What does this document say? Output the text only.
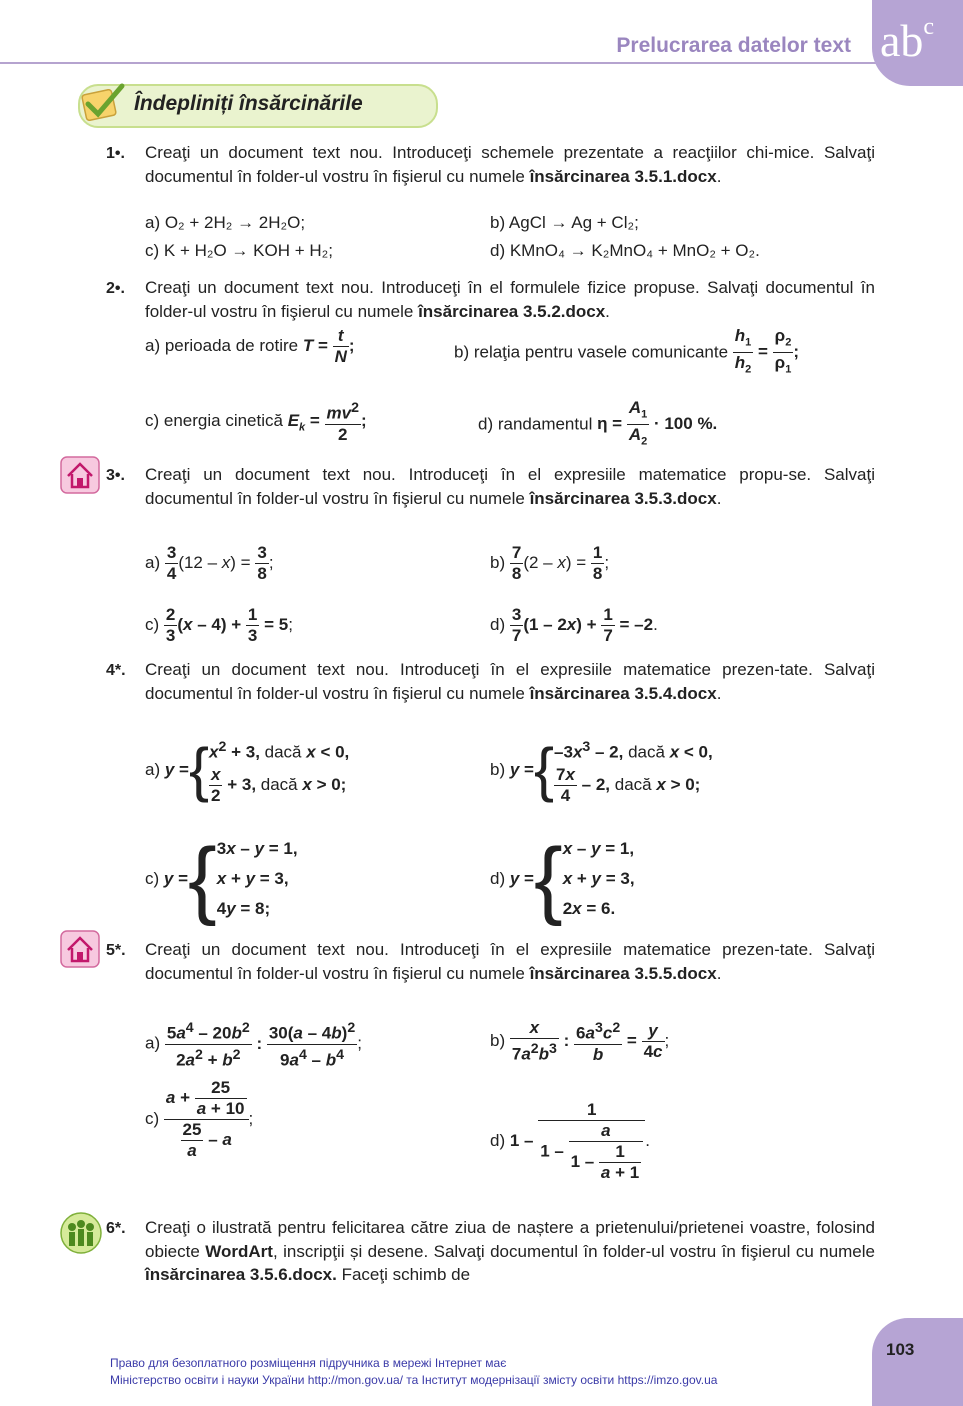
Prelucrarea datelor text $ab^c$
Îndepliniți însărcinările
1•. Creaţi un document text nou. Introduceţi schemele prezentate a reacţiilor chi-mice. Salvaţi documentul în folder-ul vostru în fişierul cu numele însărcinarea 3.5.1.docx.
a) O₂ + 2H₂ → 2H₂O;	b) AgCl → Ag + Cl₂;
c) K + H₂O → KOH + H₂;	d) KMnO₄ → K₂MnO₄ + MnO₂ + O₂.
2•. Creaţi un document text nou. Introduceţi în el formulele fizice propuse. Salvaţi documentul în folder-ul vostru în fişierul cu numele însărcinarea 3.5.2.docx.
a) perioada de rotire $T = \frac{t}{N}$ ;	b) relaţia pentru vasele comunicante $\frac{h_1}{h_2} = \frac{\rho_2}{\rho_1}$ ;
c) energia cinetică $E_k = \frac{mv^2}{2}$ ;	d) randamentul $\eta = \frac{A_1}{A_2} \cdot 100$ %.
3•. Creaţi un document text nou. Introduceţi în el expresiile matematice propu-se. Salvaţi documentul în folder-ul vostru în fişierul cu numele însărcinarea 3.5.3.docx.
$a) \frac{3}{4} (12 - x) = \frac{3}{8}$ ;	$b) \frac{7}{8} (2 - x) = \frac{1}{8}$ ;
$c) \frac{2}{3} (x - 4) + \frac{1}{3} = 5$;	$d) \frac{3}{7} (1 - 2x) + \frac{1}{7} = -2$.
4*. Creaţi un document text nou. Introduceţi în el expresiile matematice prezen-tate. Salvaţi documentul în folder-ul vostru în fişierul cu numele însărcinarea 3.5.4.docx.
a) y =	{	$x^2 + 3$, dacă x < 0,
$\frac{x}{2} + 3$, dacă x > 0;
b) y =	{	$-3x^3 - 2$, dacă x < 0,
$\frac{7x}{4} - 2$, dacă x > 0;
c) y =	{	3x – y = 1,
x + y = 3,
4y = 8;
d) y =	{	x – y = 1,
x + y = 3,
2x = 6.
5*. Creaţi un document text nou. Introduceţi în el expresiile matematice prezen-tate. Salvaţi documentul în folder-ul vostru în fişierul cu numele însărcinarea 3.5.5.docx.
$a) \frac{5a^4 - 20b^2}{2a^2 + b^2}$ : $\frac{30(a - 4b)^2}{9a^4 - b^4}$ ;	$b) \frac{x}{7a^2b^3}$ : $\frac{6a^3c^2}{b} = \frac{y}{4c}$ ;
$c) \frac{a + \frac{25}{a + 10}}{\frac{25}{a} - a}$ ;
d) $1 - \frac{1}{1 - \frac{a}{1 - \frac{1}{a + 1}}}$ .
6*. Creaţi o ilustrată pentru felicitarea către ziua de naștere a prietenului/prietenei voastre, folosind obiecte WordArt, inscripţii și desene. Salvaţi documentul în folder-ul vostru în fişierul cu numele însărcinarea 3.5.6.docx. Faceţi schimb de
103
Право для безоплатного розміщення підручника в мережі Інтернет має
Міністерство освіти і науки України http://mon.gov.ua/ та Інститут модернізації змісту освіти https://imzo.gov.ua
